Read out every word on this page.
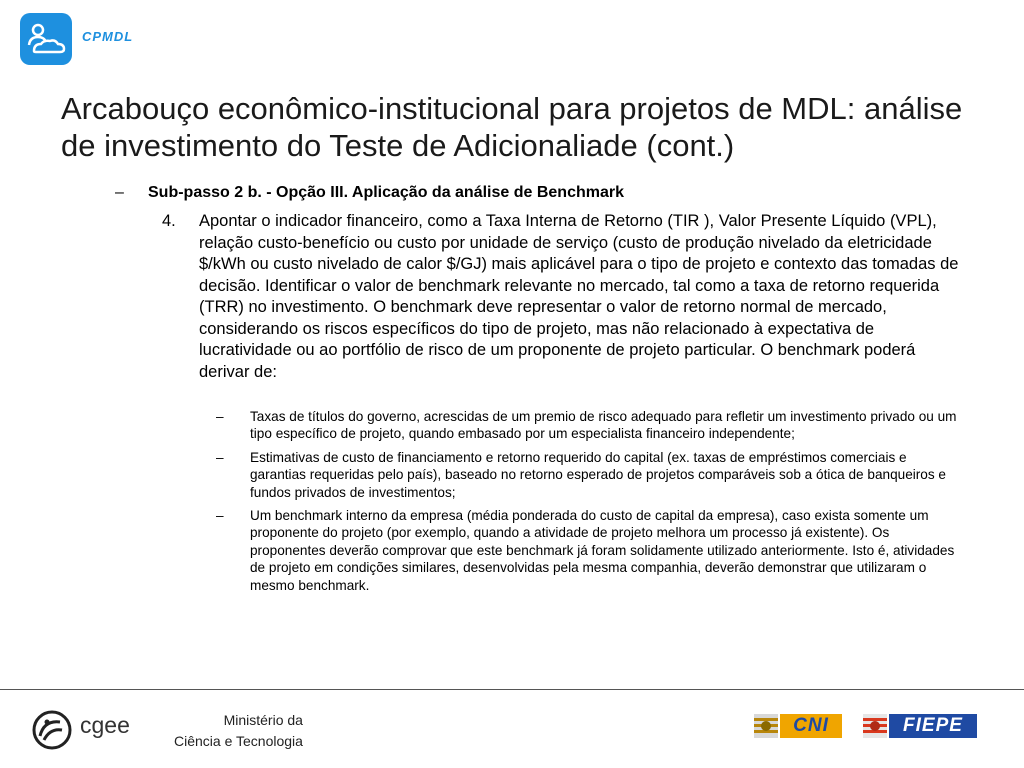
CPMDL
Arcabouço econômico-institucional para projetos de MDL: análise de investimento do Teste de Adicionaliade (cont.)
– Sub-passo 2 b. - Opção III. Aplicação da análise de Benchmark
4. Apontar o indicador financeiro, como a Taxa Interna de Retorno (TIR ), Valor Presente Líquido (VPL), relação custo-benefício ou custo por unidade de serviço (custo de produção nivelado da eletricidade $/kWh ou custo nivelado de calor $/GJ) mais aplicável para o tipo de projeto e contexto das tomadas de decisão. Identificar o valor de benchmark relevante no mercado, tal como a taxa de retorno requerida (TRR) no investimento. O benchmark deve representar o valor de retorno normal de mercado, considerando os riscos específicos do tipo de projeto, mas não relacionado à expectativa de lucratividade ou ao portfólio de risco de um proponente de projeto particular. O benchmark poderá derivar de:
– Taxas de títulos do governo, acrescidas de um premio de risco adequado para refletir um investimento privado ou um tipo específico de projeto, quando embasado por um especialista financeiro independente;
– Estimativas de custo de financiamento e retorno requerido do capital (ex. taxas de empréstimos comerciais e garantias requeridas pelo país), baseado no retorno esperado de projetos comparáveis sob a ótica de banqueiros e fundos privados de investimentos;
– Um benchmark interno da empresa (média ponderada do custo de capital da empresa), caso exista somente um proponente do projeto (por exemplo, quando a atividade de projeto melhora um processo já existente). Os proponentes deverão comprovar que este benchmark já foram solidamente utilizado anteriormente. Isto é, atividades de projeto em condições similares, desenvolvidas pela mesma companhia, deverão demonstrar que utilizaram o mesmo benchmark.
cgee	Ministério da
Ciência e Tecnologia
CNI	FIEPE
